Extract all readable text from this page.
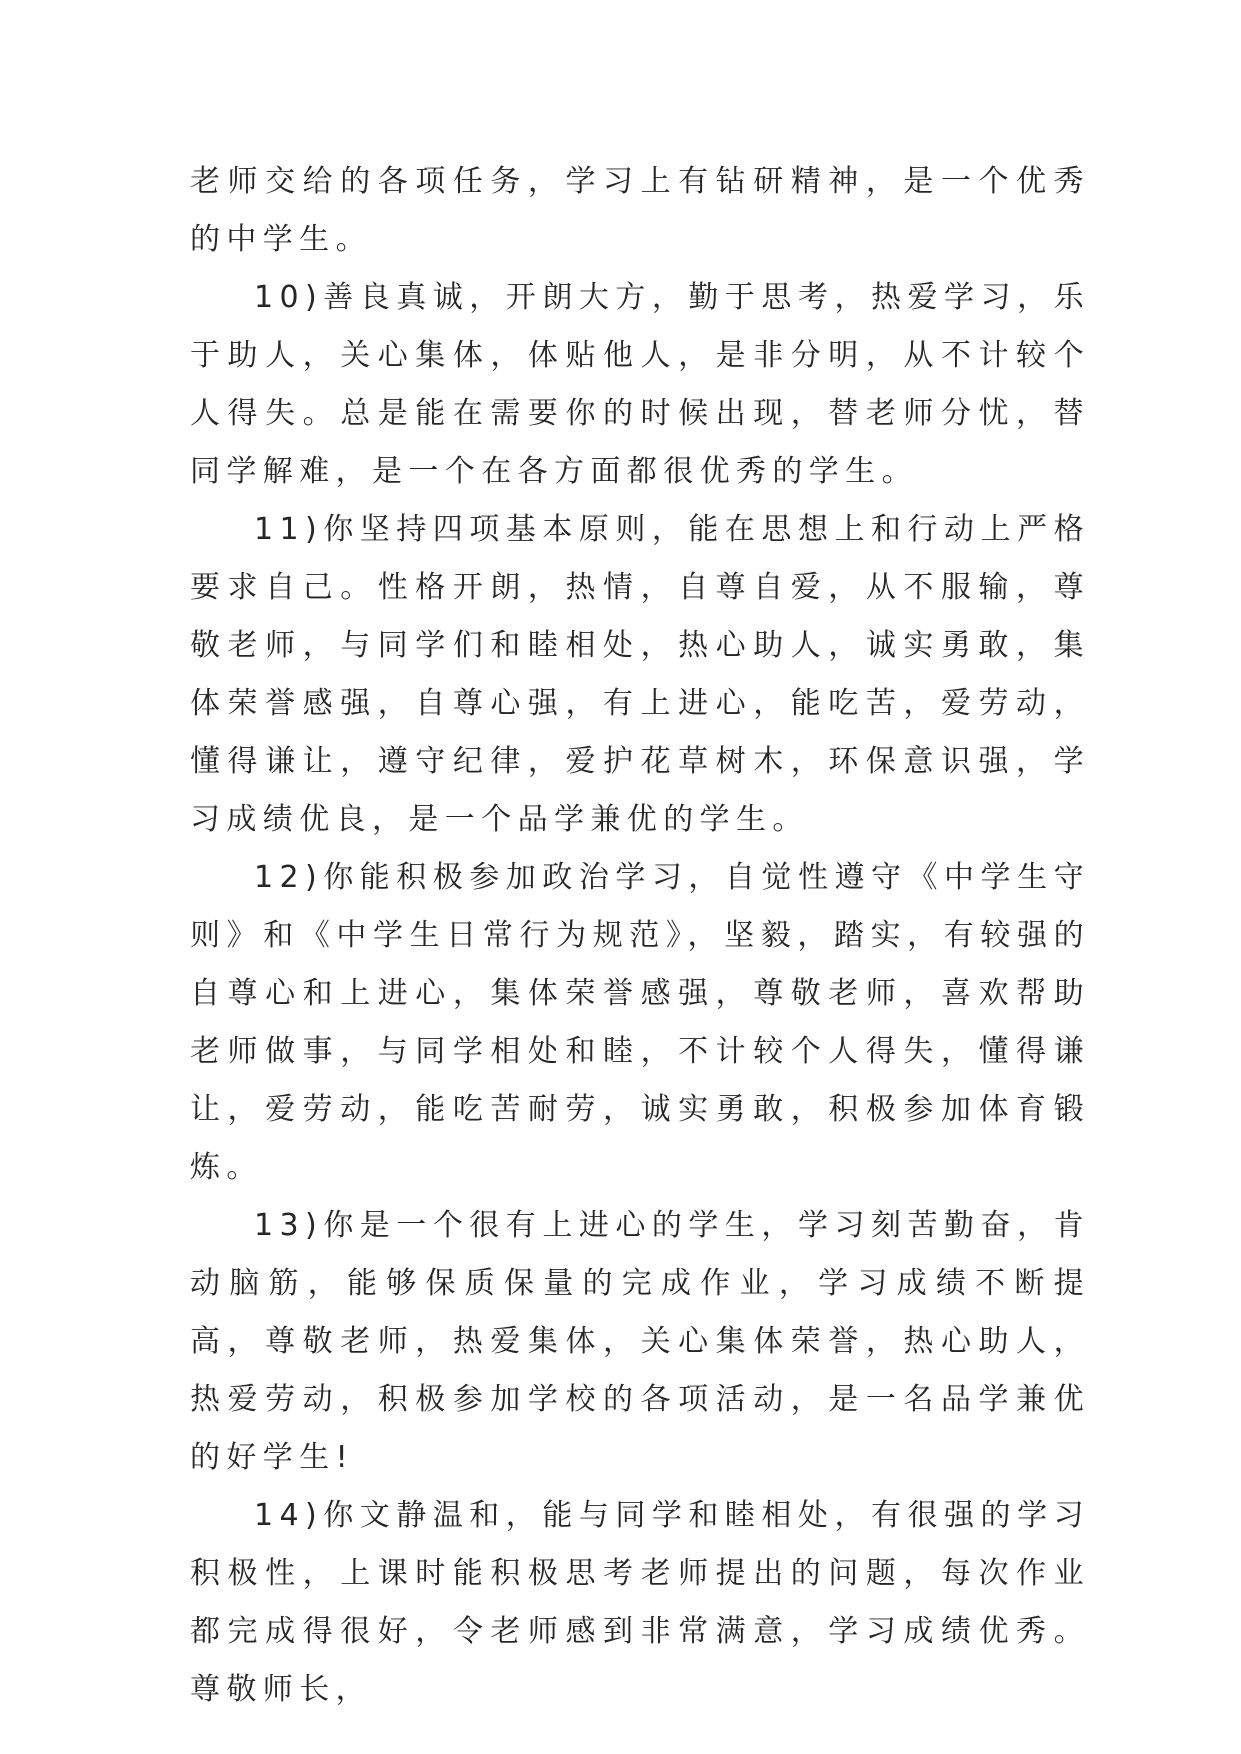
老师交给的各项任务，学习上有钻研精神，是一个优秀的中学生。

10)善良真诚，开朗大方，勤于思考，热爱学习，乐于助人，关心集体，体贴他人，是非分明，从不计较个人得失。总是能在需要你的时候出现，替老师分忧，替同学解难，是一个在各方面都很优秀的学生。

11)你坚持四项基本原则，能在思想上和行动上严格要求自己。性格开朗，热情，自尊自爱，从不服输，尊敬老师，与同学们和睦相处，热心助人，诚实勇敢，集体荣誉感强，自尊心强，有上进心，能吃苦，爱劳动，懂得谦让，遵守纪律，爱护花草树木，环保意识强，学习成绩优良，是一个品学兼优的学生。

12)你能积极参加政治学习，自觉性遵守《中学生守则》和《中学生日常行为规范》，坚毅，踏实，有较强的自尊心和上进心，集体荣誉感强，尊敬老师，喜欢帮助老师做事，与同学相处和睦，不计较个人得失，懂得谦让，爱劳动，能吃苦耐劳，诚实勇敢，积极参加体育锻炼。

13)你是一个很有上进心的学生，学习刻苦勤奋，肯动脑筋，能够保质保量的完成作业，学习成绩不断提高，尊敬老师，热爱集体，关心集体荣誉，热心助人，热爱劳动，积极参加学校的各项活动，是一名品学兼优的好学生!

14)你文静温和，能与同学和睦相处，有很强的学习积极性，上课时能积极思考老师提出的问题，每次作业都完成得很好，令老师感到非常满意，学习成绩优秀。尊敬师长，
